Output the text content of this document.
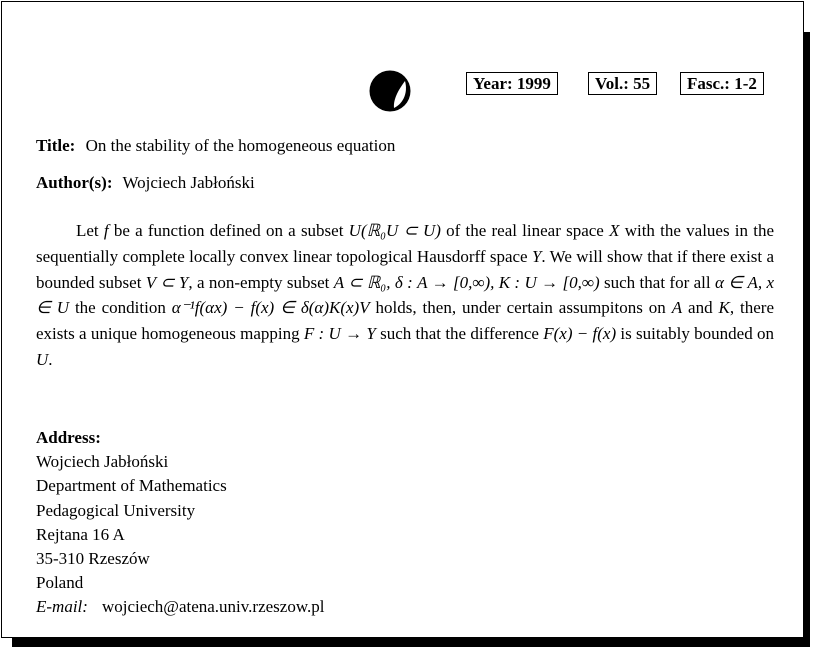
Year: 1999	Vol.: 55	Fasc.: 1-2
Title: On the stability of the homogeneous equation
Author(s): Wojciech Jabłoński
Let f be a function defined on a subset U(ℝ₀U ⊂ U) of the real linear space X with the values in the sequentially complete locally convex linear topological Hausdorff space Y. We will show that if there exist a bounded subset V ⊂ Y, a non-empty subset A ⊂ ℝ₀, δ : A → [0,∞), K : U → [0,∞) such that for all α ∈ A, x ∈ U the condition α⁻¹f(αx) − f(x) ∈ δ(α)K(x)V holds, then, under certain assumpitons on A and K, there exists a unique homogeneous mapping F : U → Y such that the difference F(x) − f(x) is suitably bounded on U.
Address:
Wojciech Jabłoński
Department of Mathematics
Pedagogical University
Rejtana 16 A
35-310 Rzeszów
Poland
E-mail: wojciech@atena.univ.rzeszow.pl
